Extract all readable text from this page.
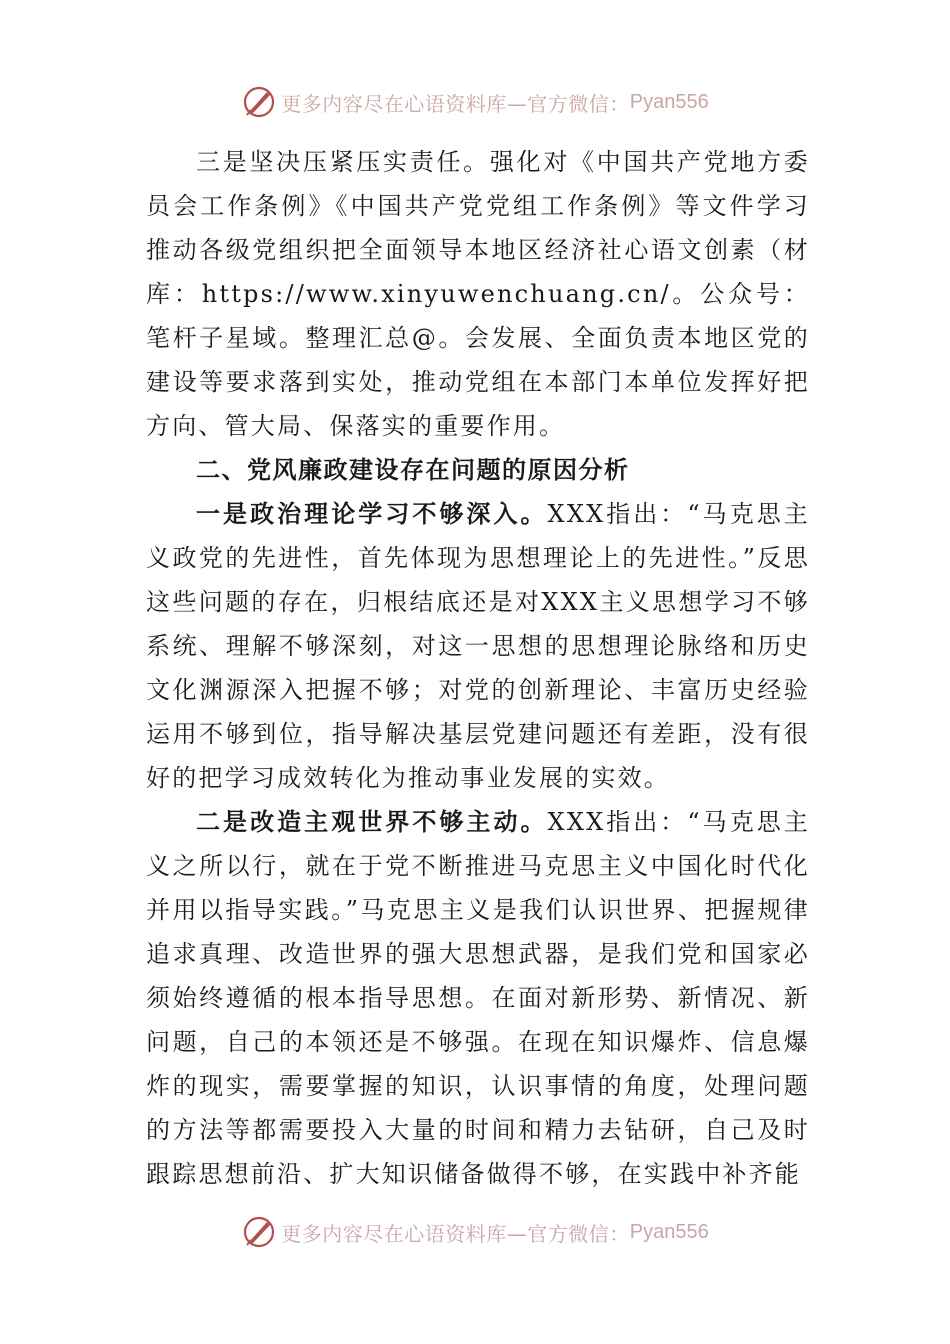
更多内容尽在心语资料库—官方微信： Pyan556

三是坚决压紧压实责任。强化对《中国共产党地方委员会工作条例》《中国共产党党组工作条例》等文件学习推动各级党组织把全面领导本地区经济社心语文创素（材库：https://www.xinyuwenchuang.cn/。公众号：笔杆子星域。整理汇总@。会发展、全面负责本地区党的建设等要求落到实处，推动党组在本部门本单位发挥好把方向、管大局、保落实的重要作用。

二、党风廉政建设存在问题的原因分析

一是政治理论学习不够深入。XXX指出：“马克思主义政党的先进性，首先体现为思想理论上的先进性。”反思这些问题的存在，归根结底还是对XXX主义思想学习不够系统、理解不够深刻，对这一思想的思想理论脉络和历史文化渊源深入把握不够；对党的创新理论、丰富历史经验运用不够到位，指导解决基层党建问题还有差距，没有很好的把学习成效转化为推动事业发展的实效。

二是改造主观世界不够主动。XXX指出：“马克思主义之所以行，就在于党不断推进马克思主义中国化时代化并用以指导实践。”马克思主义是我们认识世界、把握规律追求真理、改造世界的强大思想武器，是我们党和国家必须始终遵循的根本指导思想。在面对新形势、新情况、新问题，自己的本领还是不够强。在现在知识爆炸、信息爆炸的现实，需要掌握的知识，认识事情的角度，处理问题的方法等都需要投入大量的时间和精力去钻研，自己及时跟踪思想前沿、扩大知识储备做得不够，在实践中补齐能

更多内容尽在心语资料库—官方微信： Pyan556
